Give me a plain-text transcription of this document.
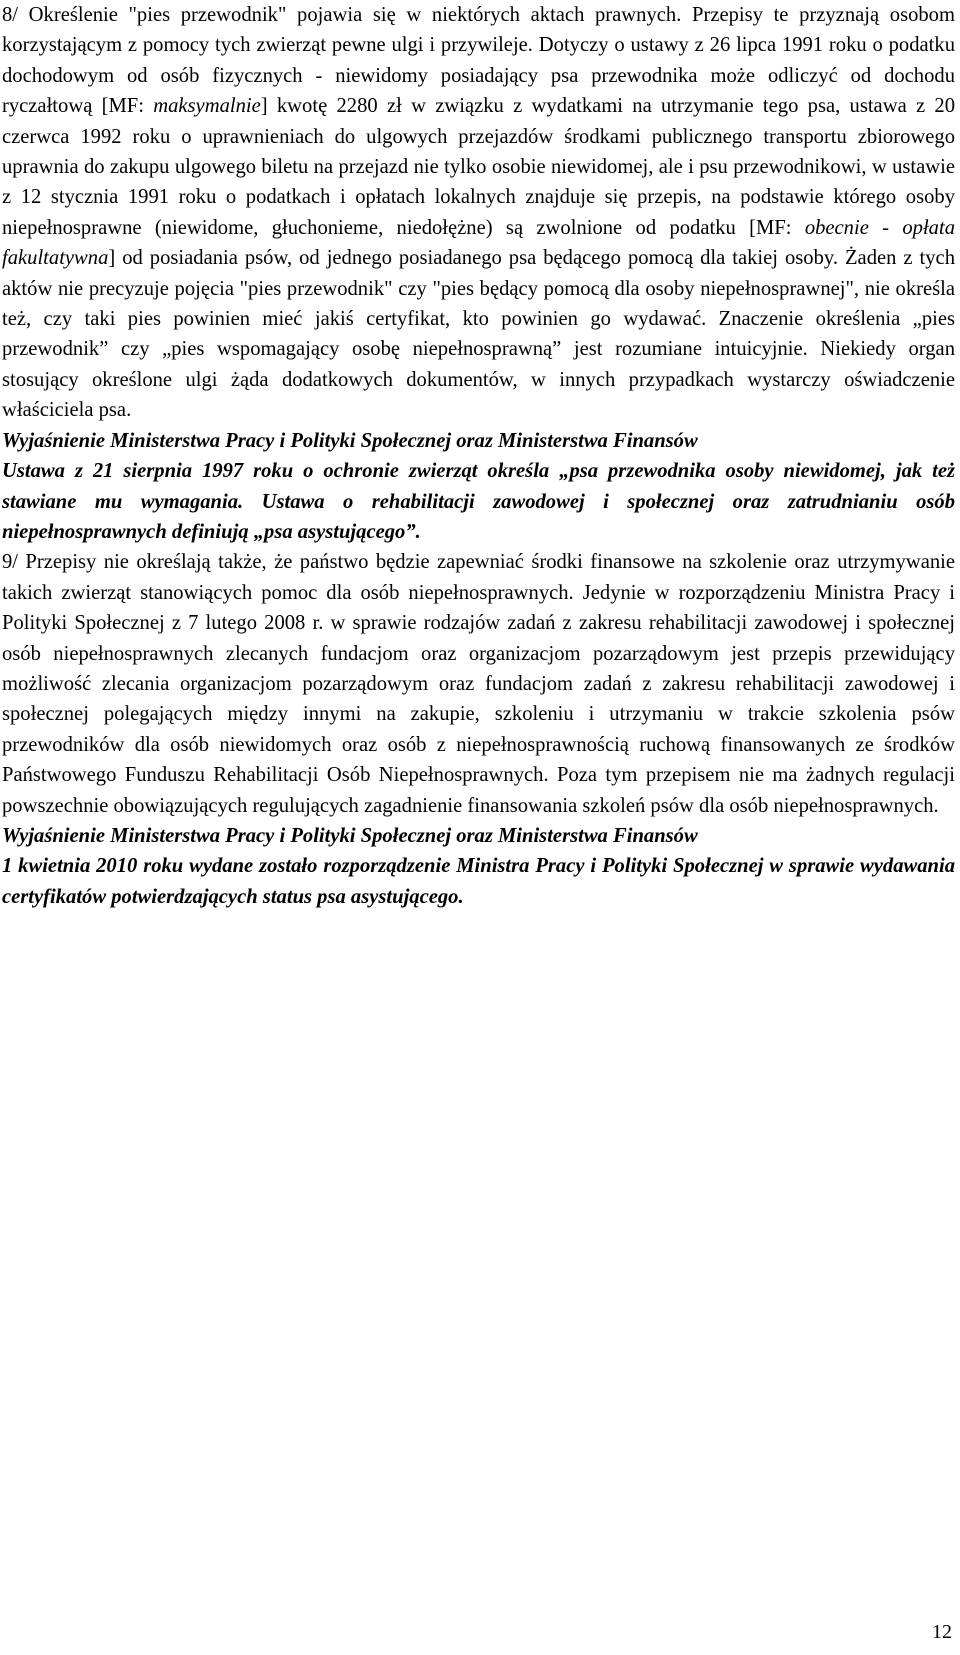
8/ Określenie "pies przewodnik" pojawia się w niektórych aktach prawnych. Przepisy te przyznają osobom korzystającym z pomocy tych zwierząt pewne ulgi i przywileje. Dotyczy o ustawy z 26 lipca 1991 roku o podatku dochodowym od osób fizycznych - niewidomy posiadający psa przewodnika może odliczyć od dochodu ryczałtową [MF: maksymalnie] kwotę 2280 zł w związku z wydatkami na utrzymanie tego psa, ustawa z 20 czerwca 1992 roku o uprawnieniach do ulgowych przejazdów środkami publicznego transportu zbiorowego uprawnia do zakupu ulgowego biletu na przejazd nie tylko osobie niewidomej, ale i psu przewodnikowi, w ustawie z 12 stycznia 1991 roku o podatkach i opłatach lokalnych znajduje się przepis, na podstawie którego osoby niepełnosprawne (niewidome, głuchonieme, niedołężne) są zwolnione od podatku [MF: obecnie - opłata fakultatywna] od posiadania psów, od jednego posiadanego psa będącego pomocą dla takiej osoby. Żaden z tych aktów nie precyzuje pojęcia "pies przewodnik" czy "pies będący pomocą dla osoby niepełnosprawnej", nie określa też, czy taki pies powinien mieć jakiś certyfikat, kto powinien go wydawać. Znaczenie określenia „pies przewodnik” czy „pies wspomagający osobę niepełnosprawną” jest rozumiane intuicyjnie. Niekiedy organ stosujący określone ulgi żąda dodatkowych dokumentów, w innych przypadkach wystarczy oświadczenie właściciela psa.

Wyjaśnienie Ministerstwa Pracy i Polityki Społecznej oraz Ministerstwa Finansów

Ustawa z 21 sierpnia 1997 roku o ochronie zwierząt określa „psa przewodnika osoby niewidomej, jak też stawiane mu wymagania. Ustawa o rehabilitacji zawodowej i społecznej oraz zatrudnianiu osób niepełnosprawnych definiują „psa asystującego”.

9/ Przepisy nie określają także, że państwo będzie zapewniać środki finansowe na szkolenie oraz utrzymywanie takich zwierząt stanowiących pomoc dla osób niepełnosprawnych. Jedynie w rozporządzeniu Ministra Pracy i Polityki Społecznej z 7 lutego 2008 r. w sprawie rodzajów zadań z zakresu rehabilitacji zawodowej i społecznej osób niepełnosprawnych zlecanych fundacjom oraz organizacjom pozarządowym jest przepis przewidujący możliwość zlecania organizacjom pozarządowym oraz fundacjom zadań z zakresu rehabilitacji zawodowej i społecznej polegających między innymi na zakupie, szkoleniu i utrzymaniu w trakcie szkolenia psów przewodników dla osób niewidomych oraz osób z niepełnosprawnością ruchową finansowanych ze środków Państwowego Funduszu Rehabilitacji Osób Niepełnosprawnych. Poza tym przepisem nie ma żadnych regulacji powszechnie obowiązujących regulujących zagadnienie finansowania szkoleń psów dla osób niepełnosprawnych.

Wyjaśnienie Ministerstwa Pracy i Polityki Społecznej oraz Ministerstwa Finansów

1 kwietnia 2010 roku wydane zostało rozporządzenie Ministra Pracy i Polityki Społecznej w sprawie wydawania certyfikatów potwierdzających status psa asystującego.

12
